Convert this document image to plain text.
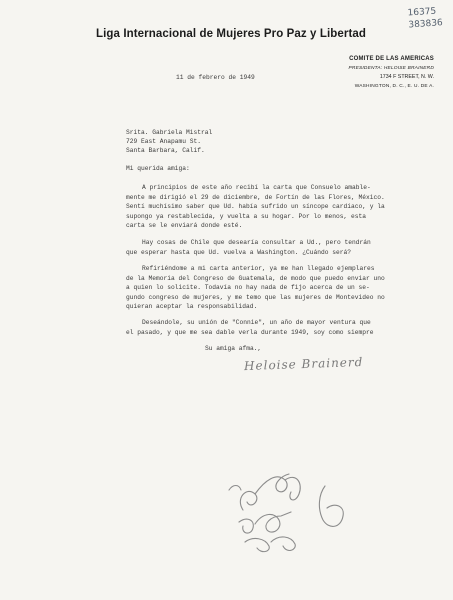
Liga Internacional de Mujeres Pro Paz y Libertad
COMITE DE LAS AMERICAS
PRESIDENTA: HELOISE BRAINERD
1734 F STREET, N. W.
WASHINGTON, D. C., E. U. DE A.
16375
383836
11 de febrero de 1949
Srita. Gabriela Mistral
729 East Anapamu St.
Santa Barbara, Calif.
Mi querida amiga:
A principios de este año recibí la carta que Consuelo amable-
mente me dirigió el 29 de diciembre, de Fortín de las Flores, México.
Sentí muchísimo saber que Ud. había sufrido un síncope cardíaco, y la
supongo ya restablecida, y vuelta a su hogar. Por lo menos, esta
carta se le enviará donde esté.
Hay cosas de Chile que desearía consultar a Ud., pero tendrán
que esperar hasta que Ud. vuelva a Washington. ¿Cuándo será?
Refiriéndome a mi carta anterior, ya me han llegado ejemplares
de la Memoria del Congreso de Guatemala, de modo que puedo enviar uno
a quien lo solicite. Todavía no hay nada de fijo acerca de un se-
gundo congreso de mujeres, y me temo que las mujeres de Montevideo no
quieran aceptar la responsabilidad.
Deseándole, su unión de "Connie", un año de mayor ventura que
el pasado, y que me sea dable verla durante 1949, soy como siempre
Su amiga afma.,
Heloise Brainerd
